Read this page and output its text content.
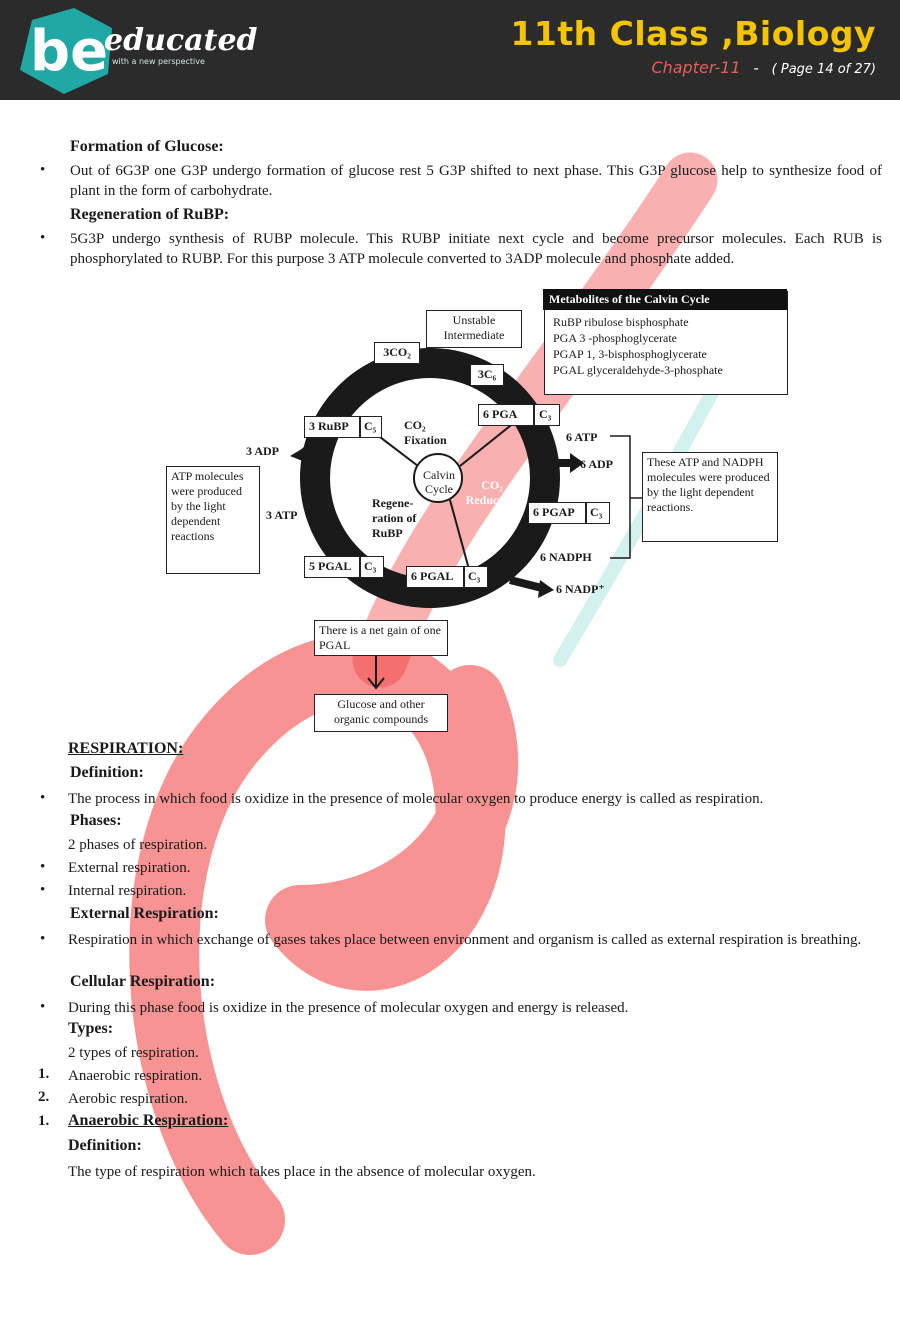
be
educated
with a new perspective
11th Class ,Biology
Chapter-11 - ( Page 14 of 27)
Formation of Glucose:
• Out of 6G3P one G3P undergo formation of glucose rest 5 G3P shifted to next phase. This G3P glucose help to synthesize food of plant in the form of carbohydrate.
Regeneration of RuBP:
• 5G3P undergo synthesis of RUBP molecule. This RUBP initiate next cycle and become precursor molecules. Each RUB is phosphorylated to RUBP. For this purpose 3 ATP molecule converted to 3ADP molecule and phosphate added.
Metabolites of the Calvin Cycle
RuBP ribulose bisphosphate
PGA 3 -phosphoglycerate
PGAP 1, 3-bisphosphoglycerate
PGAL glyceraldehyde-3-phosphate
Unstable Intermediate
3CO₂
3C₆
3 RuBP	C₅
6 PGA	C₃
CO₂ Fixation
Calvin Cycle	CO₂ Reduction
Regene-ration of RuBP
6 PGAP	C₃
5 PGAL	C₃
6 PGAL	C₃
3 ADP
3 ATP
6 ATP
6 ADP
6 NADPH
6 NADP⁺
ATP molecules were produced by the light dependent reactions
These ATP and NADPH molecules were produced by the light dependent reactions.
There is a net gain of one PGAL
Glucose and other organic compounds
RESPIRATION:
Definition:
• The process in which food is oxidize in the presence of molecular oxygen to produce energy is called as respiration.
Phases:
2 phases of respiration.
• External respiration.
• Internal respiration.
External Respiration:
• Respiration in which exchange of gases takes place between environment and organism is called as external respiration is breathing.
Cellular Respiration:
• During this phase food is oxidize in the presence of molecular oxygen and energy is released.
Types:
2 types of respiration.
1. Anaerobic respiration.
2. Aerobic respiration.
1. Anaerobic Respiration:
Definition:
The type of respiration which takes place in the absence of molecular oxygen.
